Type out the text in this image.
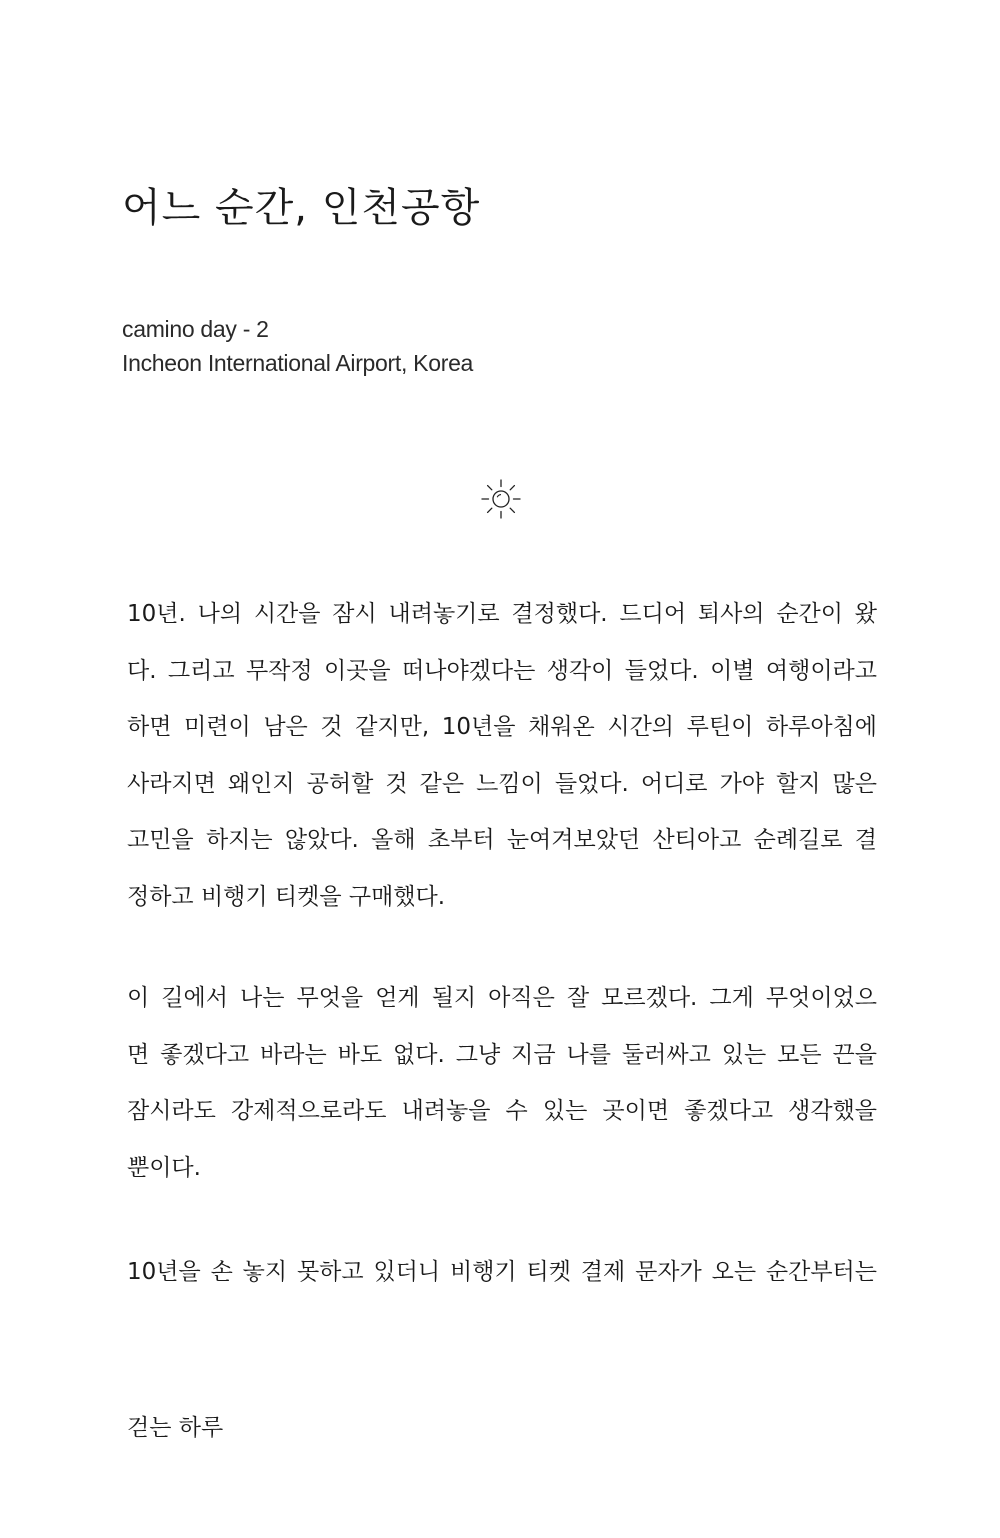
어느 순간, 인천공항
camino day - 2
Incheon International Airport, Korea

10년. 나의 시간을 잠시 내려놓기로 결정했다. 드디어 퇴사의 순간이 왔
다. 그리고 무작정 이곳을 떠나야겠다는 생각이 들었다. 이별 여행이라고
하면 미련이 남은 것 같지만, 10년을 채워온 시간의 루틴이 하루아침에
사라지면 왜인지 공허할 것 같은 느낌이 들었다. 어디로 가야 할지 많은
고민을 하지는 않았다. 올해 초부터 눈여겨보았던 산티아고 순례길로 결
정하고 비행기 티켓을 구매했다.

이 길에서 나는 무엇을 얻게 될지 아직은 잘 모르겠다. 그게 무엇이었으
면 좋겠다고 바라는 바도 없다. 그냥 지금 나를 둘러싸고 있는 모든 끈을
잠시라도 강제적으로라도 내려놓을 수 있는 곳이면 좋겠다고 생각했을
뿐이다.

10년을 손 놓지 못하고 있더니 비행기 티켓 결제 문자가 오는 순간부터는

걷는 하루
